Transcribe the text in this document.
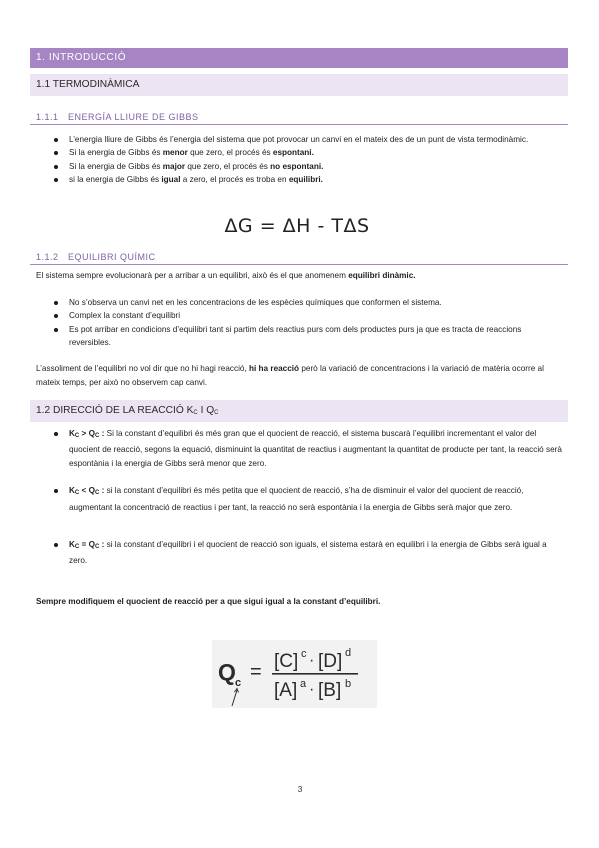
1. INTRODUCCIÓ
1.1 TERMODINÀMICA
1.1.1 ENERGÍA LLIURE DE GIBBS
L’energia lliure de Gibbs és l’energia del sistema que pot provocar un canvi en el mateix des de un punt de vista termodinàmic.
Si la energia de Gibbs és menor que zero, el procés és espontani.
Si la energia de Gibbs és major que zero, el procés és no espontani.
si la energia de Gibbs és igual a zero, el procés es troba en equilibri.
ΔG = ΔH - TΔS
1.1.2 EQUILIBRI QUÍMIC
El sistema sempre evolucionarà per a arribar a un equilibri, això és el que anomenem equilibri dinàmic.
No s’observa un canvi net en les concentracions de les espècies químiques que conformen el sistema.
Complex la constant d’equilibri
Es pot arribar en condicions d’equilibri tant si partim dels reactius purs com dels productes purs ja que es tracta de reaccions reversibles.
L’assoliment de l’equilibri no vol dir que no hi hagi reacció, hi ha reacció però la variació de concentracions i la variació de matèria ocorre al mateix temps, per això no observem cap canvi.
1.2 DIRECCIÓ DE LA REACCIÓ $K_C$ I $Q_C$
$K_C > Q_C$ : Si la constant d’equilibri és més gran que el quocient de reacció, el sistema buscarà l’equilibri incrementant el valor del quocient de reacció, segons la equació, disminuint la quantitat de reactius i augmentant la quantitat de producte per tant, la reacció serà espontània i la energia de Gibbs serà menor que zero.
$K_C < Q_C$ : si la constant d’equilibri és més petita que el quocient de reacció, s’ha de disminuir el valor del quocient de reacció, augmentant la concentració de reactius i per tant, la reacció no serà espontània i la energia de Gibbs serà major que zero.
$K_C = Q_C$ : si la constant d’equilibri i el quocient de reacció son iguals, el sistema estarà en equilibri i la energia de Gibbs serà igual a zero.
Sempre modifiquem el quocient de reacció per a que sigui igual a la constant d’equilibri.
Q c = [C] c · [D] d
[A] a · [B] b
3
